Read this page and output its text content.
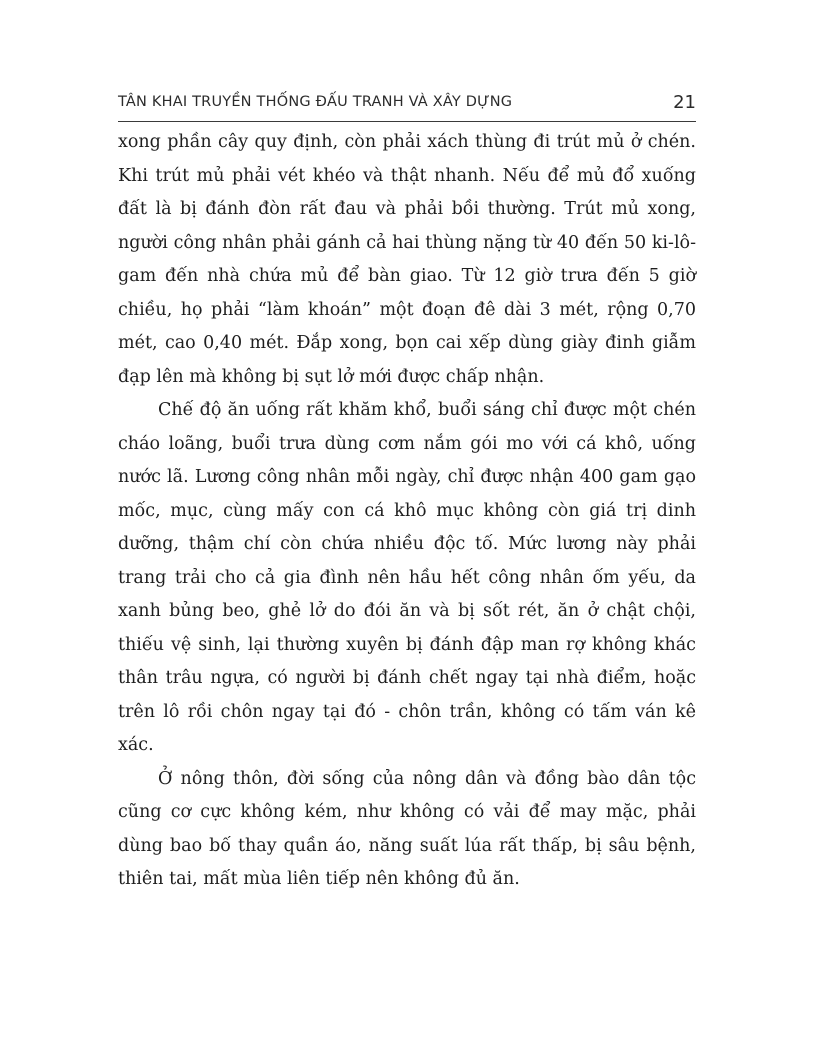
TÂN KHAI TRUYỀN THỐNG ĐẤU TRANH VÀ XÂY DỰNG	21

xong phần cây quy định, còn phải xách thùng đi trút mủ ở chén. Khi trút mủ phải vét khéo và thật nhanh. Nếu để mủ đổ xuống đất là bị đánh đòn rất đau và phải bồi thường. Trút mủ xong, người công nhân phải gánh cả hai thùng nặng từ 40 đến 50 ki-lô-gam đến nhà chứa mủ để bàn giao. Từ 12 giờ trưa đến 5 giờ chiều, họ phải “làm khoán” một đoạn đê dài 3 mét, rộng 0,70 mét, cao 0,40 mét. Đắp xong, bọn cai xếp dùng giày đinh giẫm đạp lên mà không bị sụt lở mới được chấp nhận.

Chế độ ăn uống rất khăm khổ, buổi sáng chỉ được một chén cháo loãng, buổi trưa dùng cơm nắm gói mo với cá khô, uống nước lã. Lương công nhân mỗi ngày, chỉ được nhận 400 gam gạo mốc, mục, cùng mấy con cá khô mục không còn giá trị dinh dưỡng, thậm chí còn chứa nhiều độc tố. Mức lương này phải trang trải cho cả gia đình nên hầu hết công nhân ốm yếu, da xanh bủng beo, ghẻ lở do đói ăn và bị sốt rét, ăn ở chật chội, thiếu vệ sinh, lại thường xuyên bị đánh đập man rợ không khác thân trâu ngựa, có người bị đánh chết ngay tại nhà điểm, hoặc trên lô rồi chôn ngay tại đó - chôn trần, không có tấm ván kê xác.

Ở nông thôn, đời sống của nông dân và đồng bào dân tộc cũng cơ cực không kém, như không có vải để may mặc, phải dùng bao bố thay quần áo, năng suất lúa rất thấp, bị sâu bệnh, thiên tai, mất mùa liên tiếp nên không đủ ăn.
